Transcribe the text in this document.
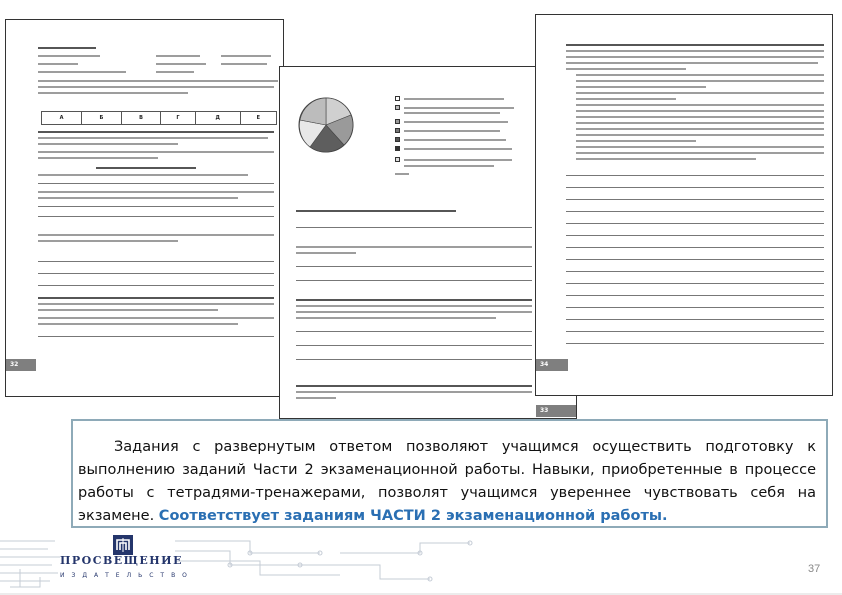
А	Б	В	Г	Д	Е
32
33
34

Задания с развернутым ответом позволяют учащимся осуществить подготовку к выполнению заданий Части 2 экзаменационной работы. Навыки, приобретенные в процессе работы с тетрадями-тренажерами, позволят учащимся увереннее чувствовать себя на экзамене. Соответствует заданиям ЧАСТИ 2 экзаменационной работы.

ПРОСВЕЩЕНИЕ
ИЗДАТЕЛЬСТВО
37
